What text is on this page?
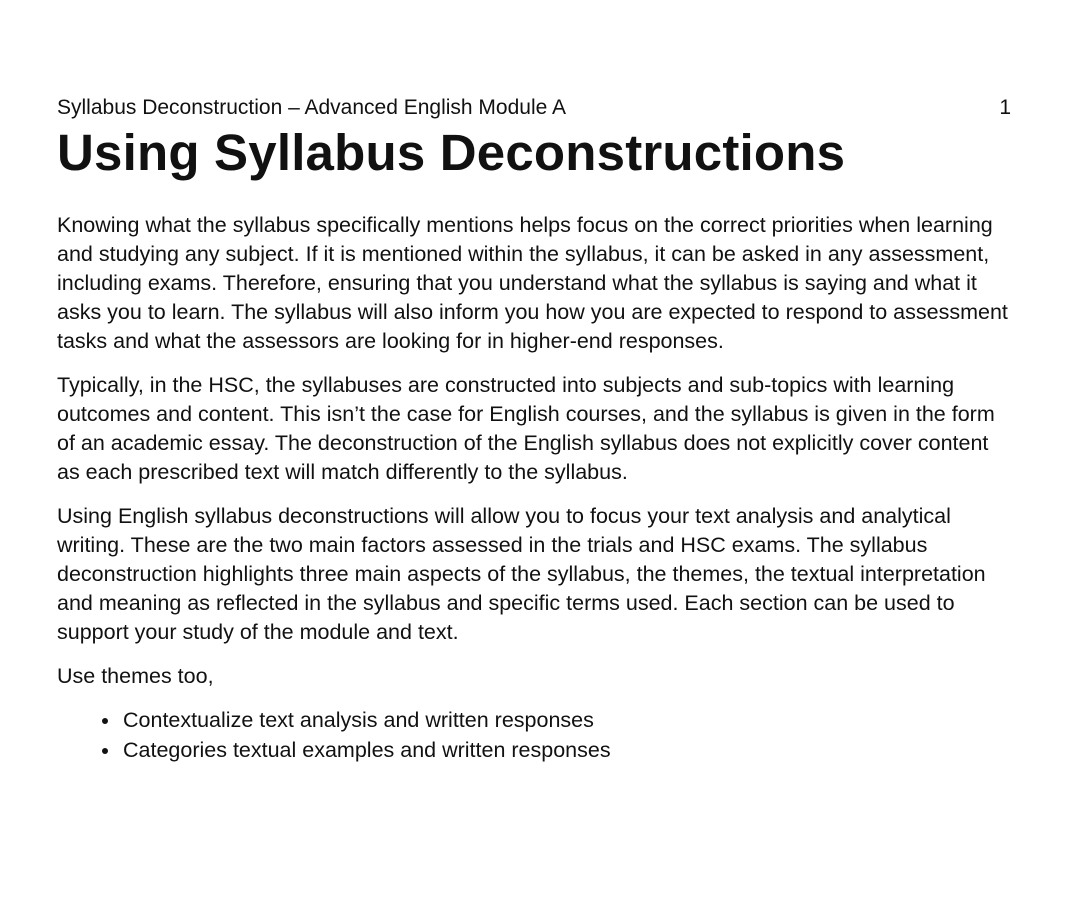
Syllabus Deconstruction – Advanced English Module A	1
Using Syllabus Deconstructions

Knowing what the syllabus specifically mentions helps focus on the correct priorities when learning and studying any subject. If it is mentioned within the syllabus, it can be asked in any assessment, including exams. Therefore, ensuring that you understand what the syllabus is saying and what it asks you to learn. The syllabus will also inform you how you are expected to respond to assessment tasks and what the assessors are looking for in higher-end responses.

Typically, in the HSC, the syllabuses are constructed into subjects and sub-topics with learning outcomes and content. This isn’t the case for English courses, and the syllabus is given in the form of an academic essay. The deconstruction of the English syllabus does not explicitly cover content as each prescribed text will match differently to the syllabus.

Using English syllabus deconstructions will allow you to focus your text analysis and analytical writing. These are the two main factors assessed in the trials and HSC exams. The syllabus deconstruction highlights three main aspects of the syllabus, the themes, the textual interpretation and meaning as reflected in the syllabus and specific terms used. Each section can be used to support your study of the module and text.

Use themes too,

• Contextualize text analysis and written responses
• Categories textual examples and written responses
